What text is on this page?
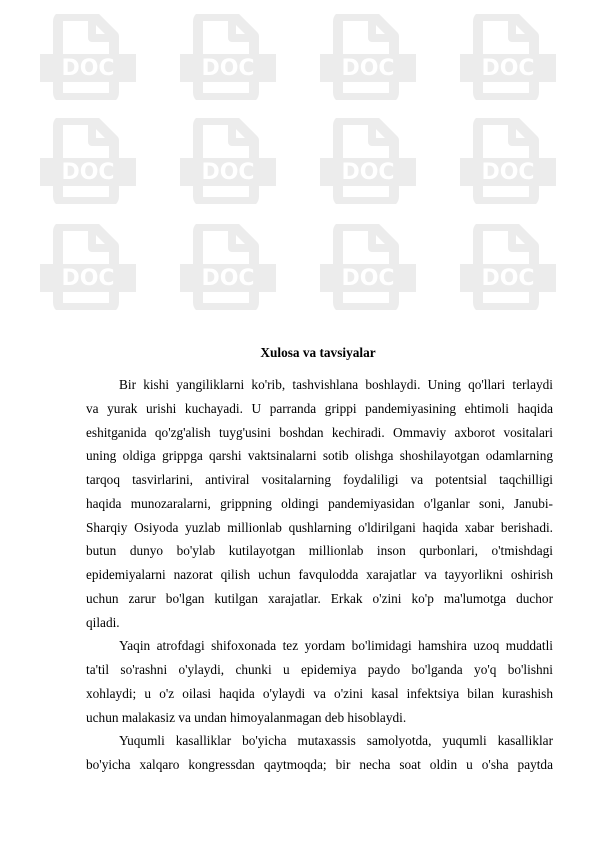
DOC	DOC	DOC	DOC
DOC	DOC	DOC	DOC
DOC	DOC	DOC	DOC
Xulosa va tavsiyalar
Bir kishi yangiliklarni ko'rib, tashvishlana boshlaydi. Uning qo'llari terlaydi
va yurak urishi kuchayadi. U parranda grippi pandemiyasining ehtimoli haqida
eshitganida qo'zg'alish tuyg'usini boshdan kechiradi. Ommaviy axborot vositalari
uning oldiga grippga qarshi vaktsinalarni sotib olishga shoshilayotgan odamlarning
tarqoq tasvirlarini, antiviral vositalarning foydaliligi va potentsial taqchilligi
haqida munozaralarni, grippning oldingi pandemiyasidan o'lganlar soni, Janubi-
Sharqiy Osiyoda yuzlab millionlab qushlarning o'ldirilgani haqida xabar berishadi.
butun dunyo bo'ylab kutilayotgan millionlab inson qurbonlari, o'tmishdagi
epidemiyalarni nazorat qilish uchun favqulodda xarajatlar va tayyorlikni oshirish
uchun zarur bo'lgan kutilgan xarajatlar. Erkak o'zini ko'p ma'lumotga duchor
qiladi.
Yaqin atrofdagi shifoxonada tez yordam bo'limidagi hamshira uzoq muddatli
ta'til so'rashni o'ylaydi, chunki u epidemiya paydo bo'lganda yo'q bo'lishni
xohlaydi; u o'z oilasi haqida o'ylaydi va o'zini kasal infektsiya bilan kurashish
uchun malakasiz va undan himoyalanmagan deb hisoblaydi.
Yuqumli kasalliklar bo'yicha mutaxassis samolyotda, yuqumli kasalliklar
bo'yicha xalqaro kongressdan qaytmoqda; bir necha soat oldin u o'sha paytda
